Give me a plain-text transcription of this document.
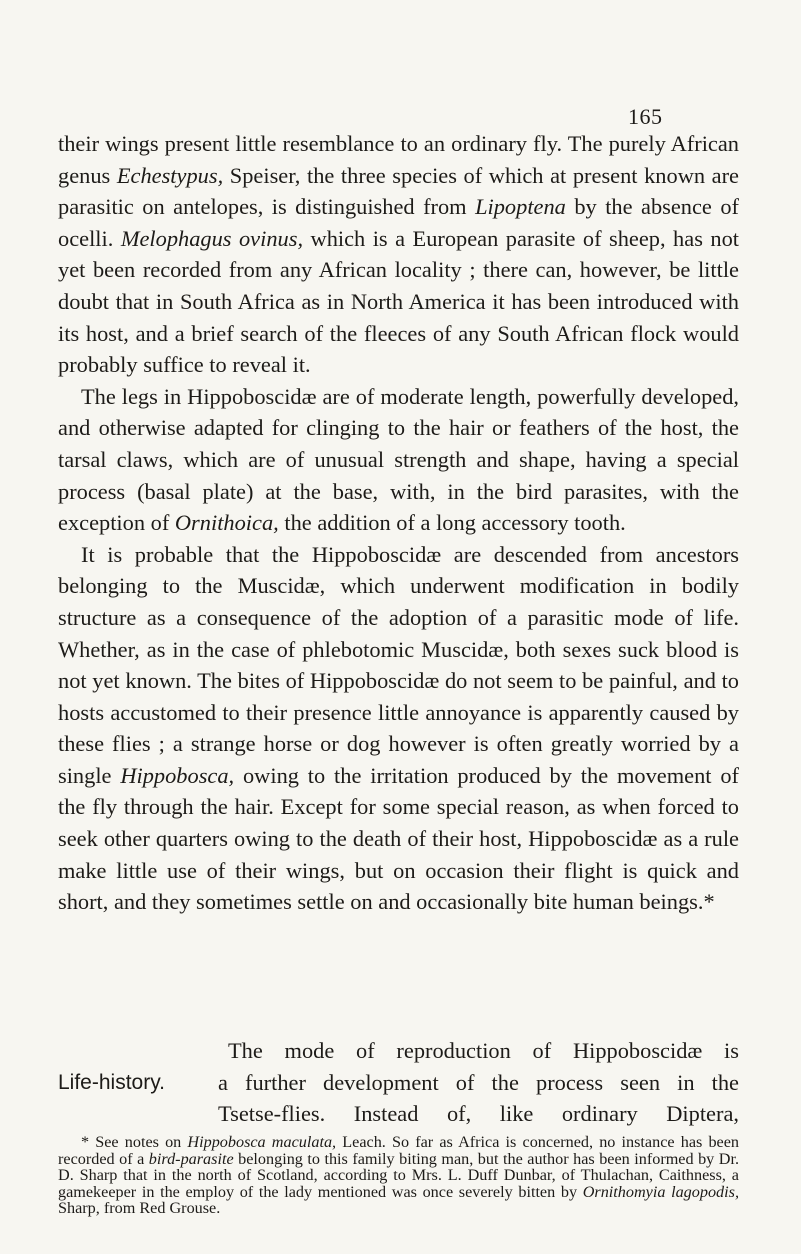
165

their wings present little resemblance to an ordinary fly. The purely African genus Echestypus, Speiser, the three species of which at present known are parasitic on antelopes, is distinguished from Lipoptena by the absence of ocelli. Melophagus ovinus, which is a European parasite of sheep, has not yet been recorded from any African locality ; there can, however, be little doubt that in South Africa as in North America it has been introduced with its host, and a brief search of the fleeces of any South African flock would probably suffice to reveal it.

The legs in Hippoboscidæ are of moderate length, powerfully developed, and otherwise adapted for clinging to the hair or feathers of the host, the tarsal claws, which are of unusual strength and shape, having a special process (basal plate) at the base, with, in the bird parasites, with the exception of Ornithoica, the addition of a long accessory tooth.

It is probable that the Hippoboscidæ are descended from ancestors belonging to the Muscidæ, which underwent modification in bodily structure as a consequence of the adoption of a parasitic mode of life. Whether, as in the case of phlebotomic Muscidæ, both sexes suck blood is not yet known. The bites of Hippoboscidæ do not seem to be painful, and to hosts accustomed to their presence little annoyance is apparently caused by these flies ; a strange horse or dog however is often greatly worried by a single Hippobosca, owing to the irritation produced by the movement of the fly through the hair. Except for some special reason, as when forced to seek other quarters owing to the death of their host, Hippoboscidæ as a rule make little use of their wings, but on occasion their flight is quick and short, and they sometimes settle on and occasionally bite human beings.*

The mode of reproduction of Hippoboscidæ is
Life-history.	a further development of the process seen in the
Tsetse-flies. Instead of, like ordinary Diptera,

* See notes on Hippobosca maculata, Leach. So far as Africa is concerned, no instance has been recorded of a bird-parasite belonging to this family biting man, but the author has been informed by Dr. D. Sharp that in the north of Scotland, according to Mrs. L. Duff Dunbar, of Thulachan, Caithness, a gamekeeper in the employ of the lady mentioned was once severely bitten by Ornithomyia lagopodis, Sharp, from Red Grouse.
